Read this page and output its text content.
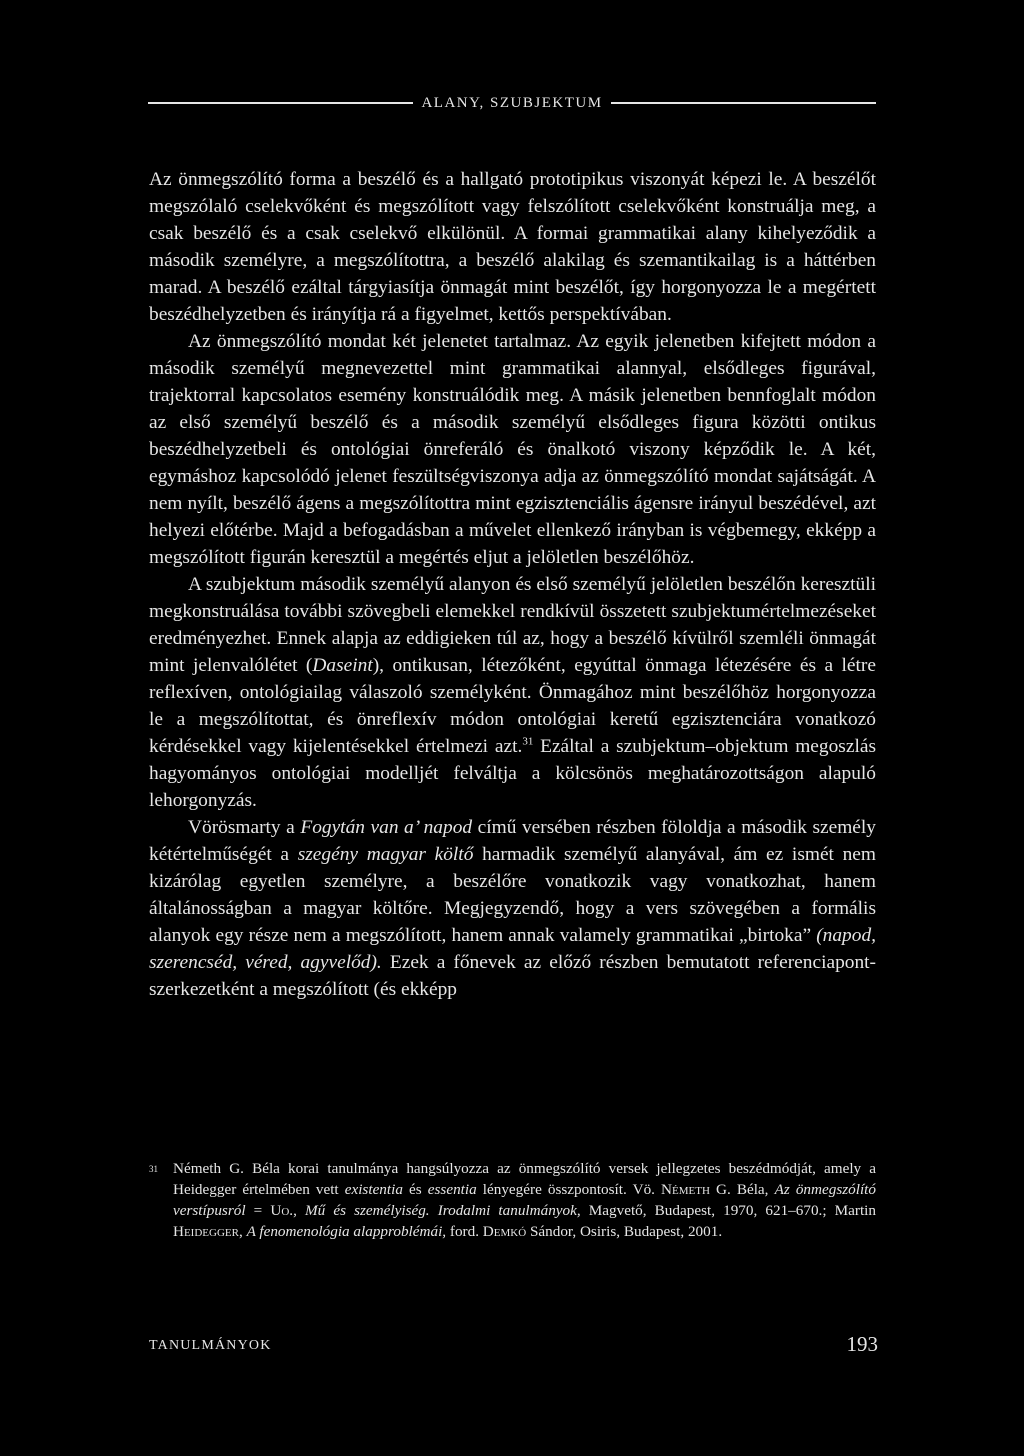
ALANY, SZUBJEKTUM

Az önmegszólító forma a beszélő és a hallgató prototipikus viszonyát képezi le. A beszélőt megszólaló cselekvőként és megszólított vagy felszólított cselekvőként konstruálja meg, a csak beszélő és a csak cselekvő elkülönül. A formai grammatikai alany kihelyeződik a második személyre, a megszólítottra, a beszélő alakilag és szemantikailag is a háttérben marad. A beszélő ezáltal tárgyiasítja önmagát mint beszélőt, így horgonyozza le a megértett beszédhelyzetben és irányítja rá a figyelmet, kettős perspektívában.

Az önmegszólító mondat két jelenetet tartalmaz. Az egyik jelenetben kifejtett módon a második személyű megnevezettel mint grammatikai alannyal, elsődleges figurával, trajektorral kapcsolatos esemény konstruálódik meg. A másik jelenetben bennfoglalt módon az első személyű beszélő és a második személyű elsődleges figura közötti ontikus beszédhelyzetbeli és ontológiai önreferáló és önalkotó viszony képződik le. A két, egymáshoz kapcsolódó jelenet feszültségviszonya adja az önmegszólító mondat sajátságát. A nem nyílt, beszélő ágens a megszólítottra mint egzisztenciális ágensre irányul beszédével, azt helyezi előtérbe. Majd a befogadásban a művelet ellenkező irányban is végbemegy, ekképp a megszólított figurán keresztül a megértés eljut a jelöletlen beszélőhöz.

A szubjektum második személyű alanyon és első személyű jelöletlen beszélőn keresztüli megkonstruálása további szövegbeli elemekkel rendkívül összetett szubjektumértelmezéseket eredményezhet. Ennek alapja az eddigieken túl az, hogy a beszélő kívülről szemléli önmagát mint jelenvalólétet (Daseint), ontikusan, létezőként, egyúttal önmaga létezésére és a létre reflexíven, ontológiailag válaszoló személyként. Önmagához mint beszélőhöz horgonyozza le a megszólítottat, és önreflexív módon ontológiai keretű egzisztenciára vonatkozó kérdésekkel vagy kijelentésekkel értelmezi azt.$^{31}$ Ezáltal a szubjektum–objektum megoszlás hagyományos ontológiai modelljét felváltja a kölcsönös meghatározottságon alapuló lehorgonyzás.

Vörösmarty a Fogytán van a’ napod című versében részben föloldja a második személy kétértelműségét a szegény magyar költő harmadik személyű alanyával, ám ez ismét nem kizárólag egyetlen személyre, a beszélőre vonatkozik vagy vonatkozhat, hanem általánosságban a magyar költőre. Megjegyzendő, hogy a vers szövegében a formális alanyok egy része nem a megszólított, hanem annak valamely grammatikai „birtoka” (napod, szerencséd, véred, agyvelőd). Ezek a főnevek az előző részben bemutatott referenciapont-szerkezetként a megszólított (és ekképp

31 Németh G. Béla korai tanulmánya hangsúlyozza az önmegszólító versek jellegzetes beszédmódját, amely a Heidegger értelmében vett existentia és essentia lényegére összpontosít. Vö. Németh G. Béla, Az önmegszólító verstípusról = Uo., Mű és személyiség. Irodalmi tanulmányok, Magvető, Budapest, 1970, 621–670.; Martin Heidegger, A fenomenológia alapproblémái, ford. Demkó Sándor, Osiris, Budapest, 2001.
TANULMÁNYOK	193
